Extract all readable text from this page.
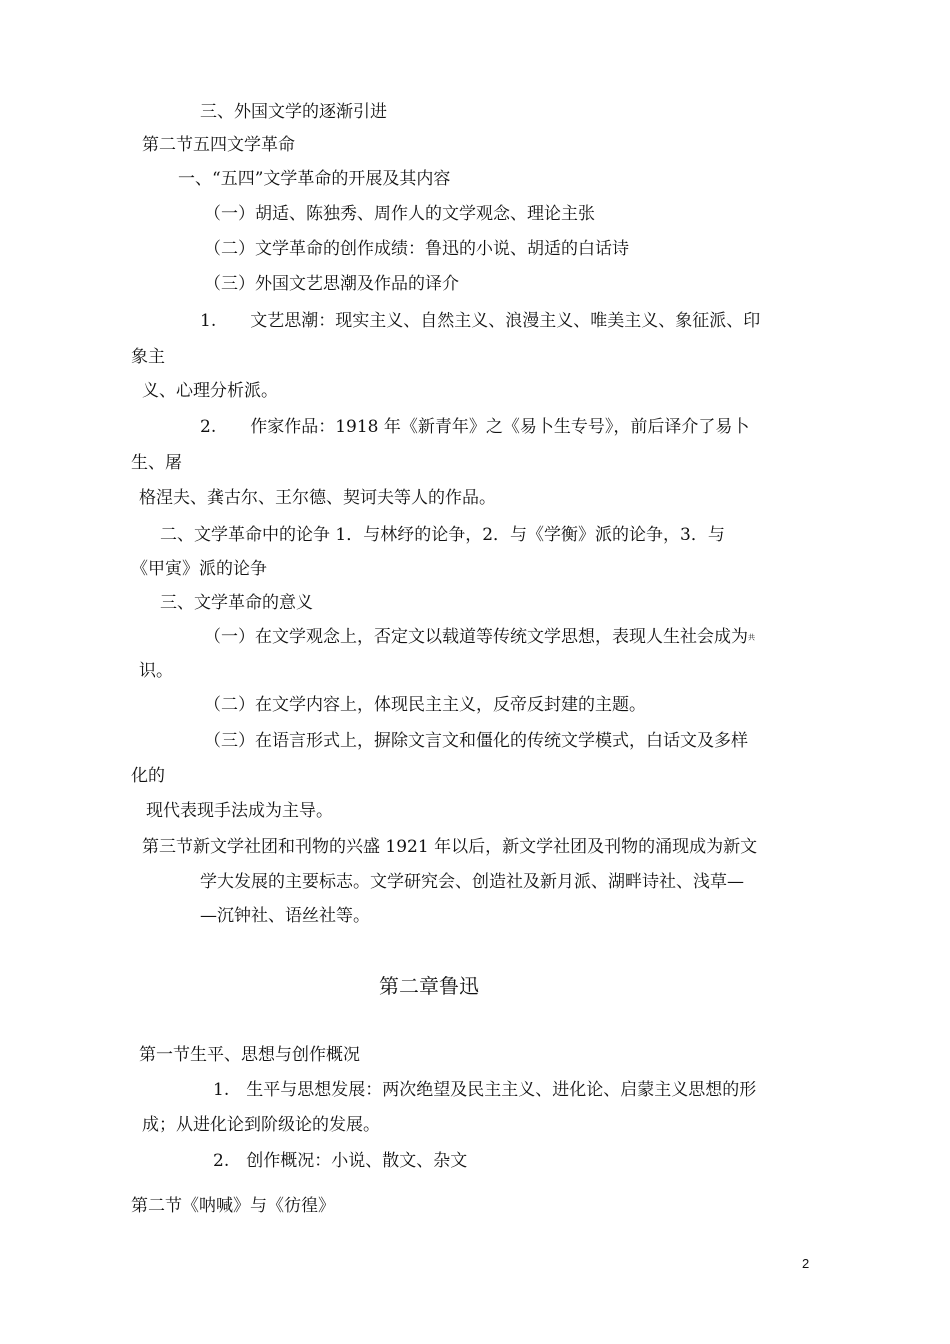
三、外国文学的逐渐引进
第二节五四文学革命
一、“五四”文学革命的开展及其内容
（一）胡适、陈独秀、周作人的文学观念、理论主张
（二）文学革命的创作成绩：鲁迅的小说、胡适的白话诗
（三）外国文艺思潮及作品的译介
1.　　文艺思潮：现实主义、自然主义、浪漫主义、唯美主义、象征派、印
象主
义、心理分析派。
2.　　作家作品：1918 年《新青年》之《易卜生专号》，前后译介了易卜
生、屠
格涅夫、龚古尔、王尔德、契诃夫等人的作品。
二、文学革命中的论争 1．与林纾的论争，2．与《学衡》派的论争，3．与
《甲寅》派的论争
三、文学革命的意义
（一）在文学观念上，否定文以载道等传统文学思想，表现人生社会成为共
识。
（二）在文学内容上，体现民主主义，反帝反封建的主题。
（三）在语言形式上，摒除文言文和僵化的传统文学模式，白话文及多样
化的
现代表现手法成为主导。
第三节新文学社团和刊物的兴盛 1921 年以后，新文学社团及刊物的涌现成为新文
学大发展的主要标志。文学研究会、创造社及新月派、湖畔诗社、浅草—
—沉钟社、语丝社等。
第二章鲁迅
第一节生平、思想与创作概况
1.　生平与思想发展：两次绝望及民主主义、进化论、启蒙主义思想的形
成；从进化论到阶级论的发展。
2.　创作概况：小说、散文、杂文
第二节《呐喊》与《彷徨》
2
